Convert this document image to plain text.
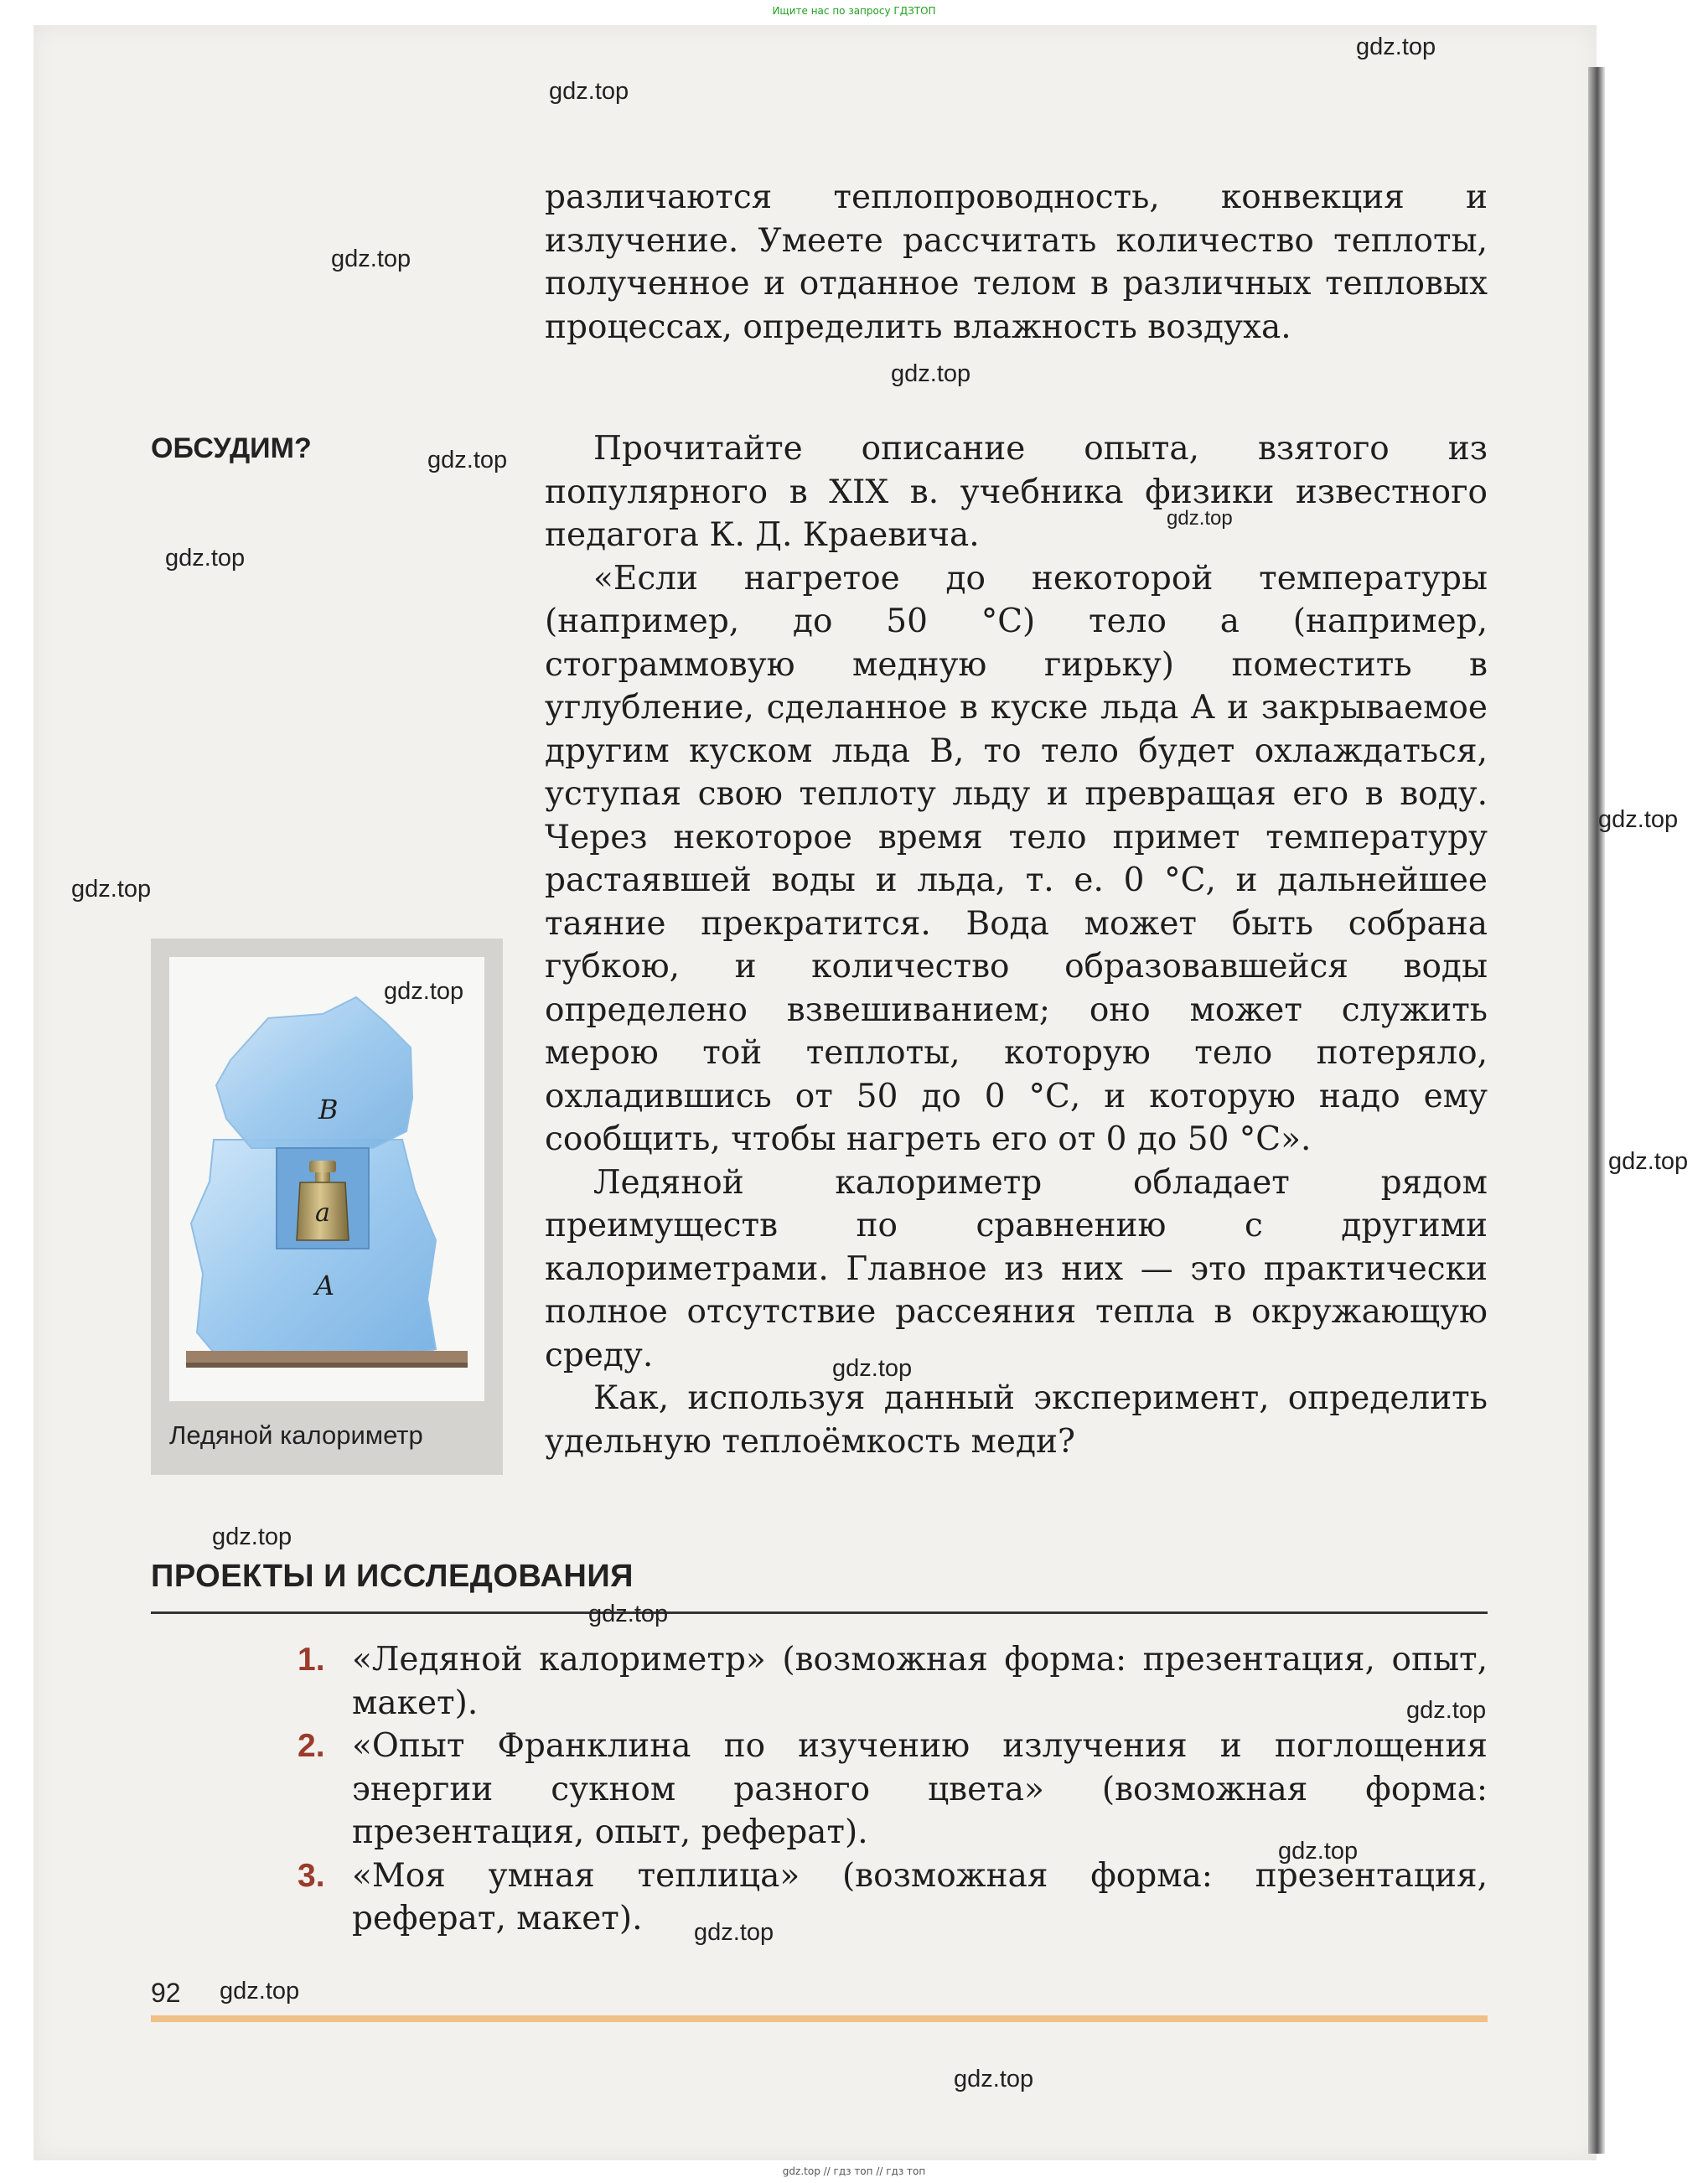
Ищите нас по запросу ГДЗТОП

различаются теплопроводность, конвекция и излучение. Умеете рассчитать количество теплоты, полученное и отданное телом в различных тепловых процессах, определить влажность воздуха.

ОБСУДИМ?	Прочитайте описание опыта, взятого из популярного в XIX в. учебника физики известного педагога К. Д. Краевича.

«Если нагретое до некоторой температуры (например, до 50 °С) тело a (например, стограммовую медную гирьку) поместить в углубление, сделанное в куске льда A и закрываемое другим куском льда B, то тело будет охлаждаться, уступая свою теплоту льду и превращая его в воду. Через некоторое время тело примет температуру растаявшей воды и льда, т. е. 0 °С, и дальнейшее таяние прекратится. Вода может быть собрана губкою, и количество образовавшейся воды определено взвешиванием; оно может служить мерою той теплоты, которую тело потеряло, охладившись от 50 до 0 °С, и которую надо ему сообщить, чтобы нагреть его от 0 до 50 °С».

Ледяной калориметр обладает рядом преимуществ по сравнению с другими калориметрами. Главное из них — это практически полное отсутствие рассеяния тепла в окружающую среду.

Как, используя данный эксперимент, определить удельную теплоёмкость меди?

B
a
A
Ледяной калориметр
ПРОЕКТЫ И ИССЛЕДОВАНИЯ
1. «Ледяной калориметр» (возможная форма: презентация, опыт, макет).
2. «Опыт Франклина по изучению излучения и поглощения энергии сукном разного цвета» (возможная форма: презентация, опыт, реферат).
3. «Моя умная теплица» (возможная форма: презентация, реферат, макет).
92
gdz.top
gdz.top
gdz.top
gdz.top
gdz.top
gdz.top
gdz.top
gdz.top
gdz.top
gdz.top
gdz.top
gdz.top
gdz.top
gdz.top
gdz.top
gdz.top
gdz.top
gdz.top
gdz.top
gdz.top // гдз топ // гдз топ
